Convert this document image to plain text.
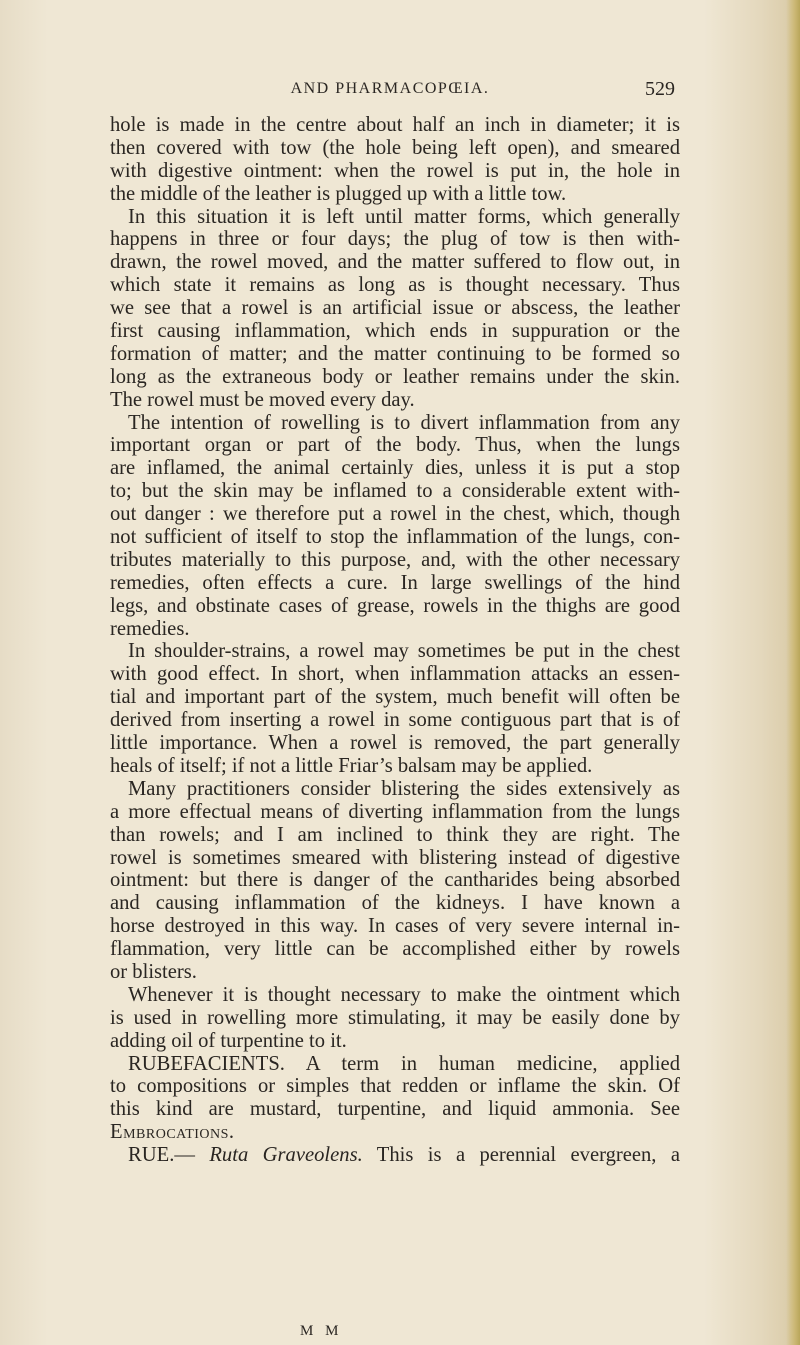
AND PHARMACOPŒIA.	529
hole is made in the centre about half an inch in diameter; it is
then covered with tow (the hole being left open), and smeared
with digestive ointment: when the rowel is put in, the hole in
the middle of the leather is plugged up with a little tow.
In this situation it is left until matter forms, which generally
happens in three or four days; the plug of tow is then with-
drawn, the rowel moved, and the matter suffered to flow out, in
which state it remains as long as is thought necessary. Thus
we see that a rowel is an artificial issue or abscess, the leather
first causing inflammation, which ends in suppuration or the
formation of matter; and the matter continuing to be formed so
long as the extraneous body or leather remains under the skin.
The rowel must be moved every day.
The intention of rowelling is to divert inflammation from any
important organ or part of the body. Thus, when the lungs
are inflamed, the animal certainly dies, unless it is put a stop
to; but the skin may be inflamed to a considerable extent with-
out danger : we therefore put a rowel in the chest, which, though
not sufficient of itself to stop the inflammation of the lungs, con-
tributes materially to this purpose, and, with the other necessary
remedies, often effects a cure. In large swellings of the hind
legs, and obstinate cases of grease, rowels in the thighs are good
remedies.
In shoulder-strains, a rowel may sometimes be put in the chest
with good effect. In short, when inflammation attacks an essen-
tial and important part of the system, much benefit will often be
derived from inserting a rowel in some contiguous part that is of
little importance. When a rowel is removed, the part generally
heals of itself; if not a little Friar’s balsam may be applied.
Many practitioners consider blistering the sides extensively as
a more effectual means of diverting inflammation from the lungs
than rowels; and I am inclined to think they are right. The
rowel is sometimes smeared with blistering instead of digestive
ointment: but there is danger of the cantharides being absorbed
and causing inflammation of the kidneys. I have known a
horse destroyed in this way. In cases of very severe internal in-
flammation, very little can be accomplished either by rowels
or blisters.
Whenever it is thought necessary to make the ointment which
is used in rowelling more stimulating, it may be easily done by
adding oil of turpentine to it.
RUBEFACIENTS. A term in human medicine, applied
to compositions or simples that redden or inflame the skin. Of
this kind are mustard, turpentine, and liquid ammonia. See
Embrocations.
RUE.— Ruta Graveolens. This is a perennial evergreen, a
M M
